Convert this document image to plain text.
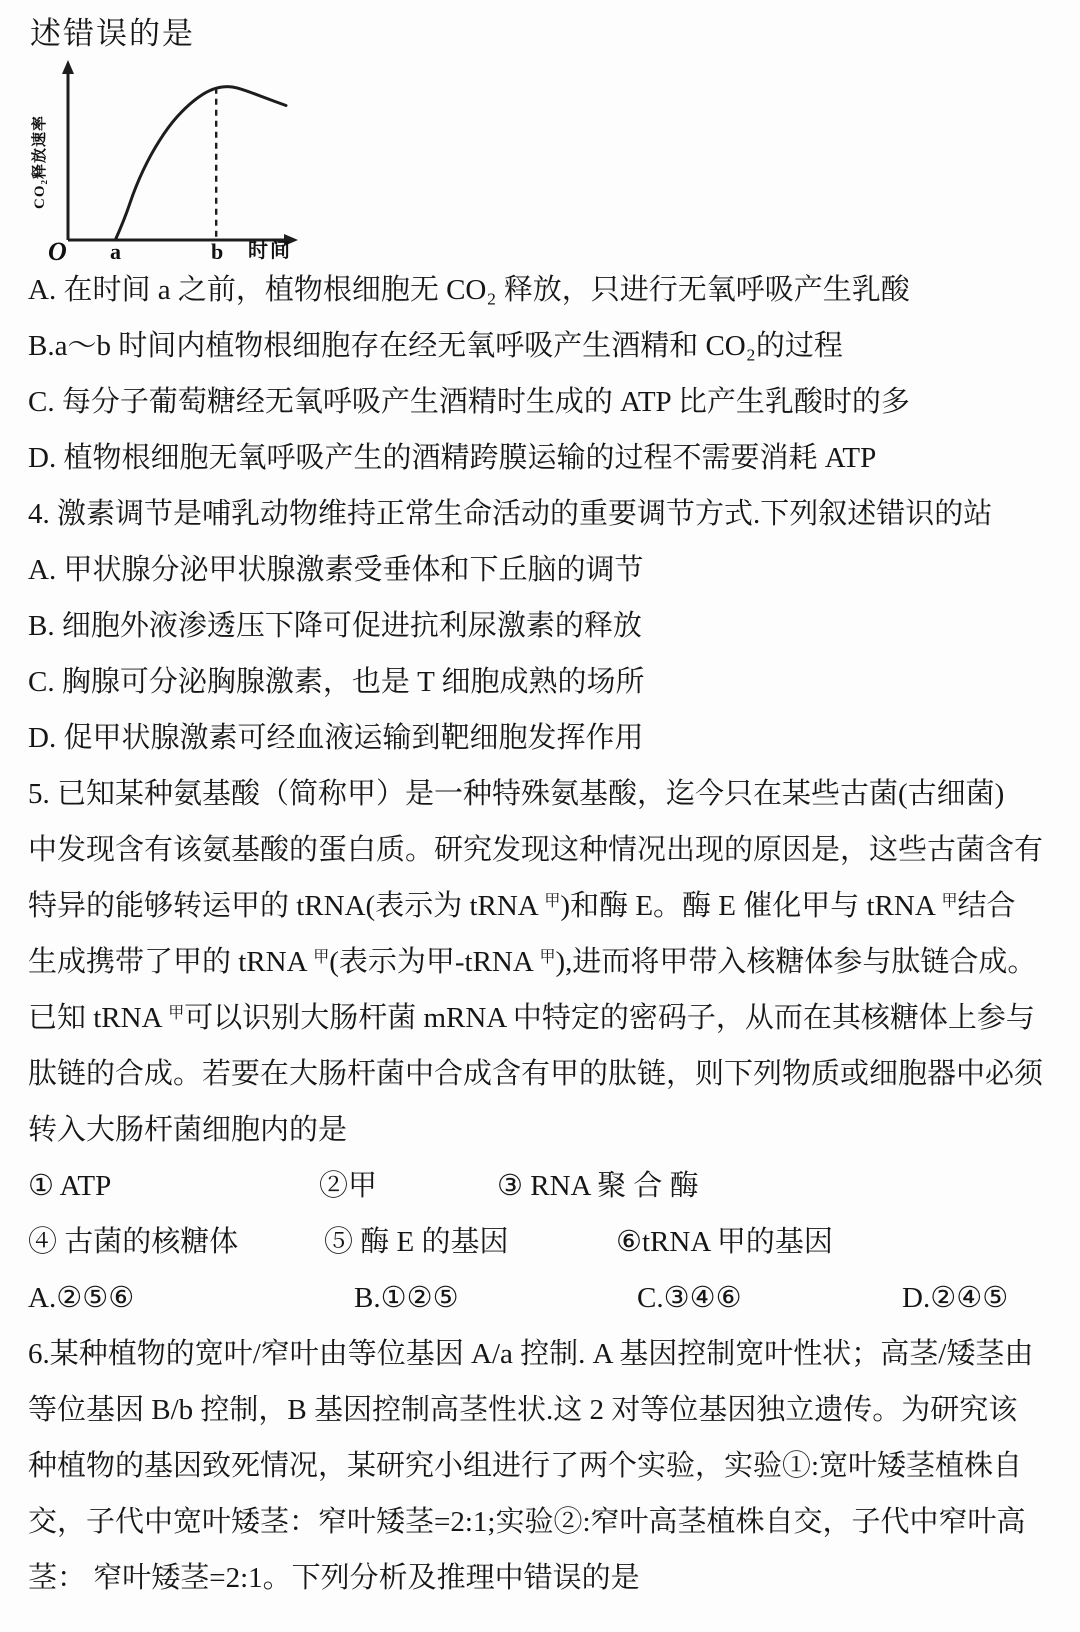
述错误的是
CO₂释放速率
O a	b 时间
A. 在时间 a 之前，植物根细胞无 CO₂ 释放，只进行无氧呼吸产生乳酸
B.a～b 时间内植物根细胞存在经无氧呼吸产生酒精和 CO₂的过程
C. 每分子葡萄糖经无氧呼吸产生酒精时生成的 ATP 比产生乳酸时的多
D. 植物根细胞无氧呼吸产生的酒精跨膜运输的过程不需要消耗 ATP
4. 激素调节是哺乳动物维持正常生命活动的重要调节方式.下列叙述错识的站
A. 甲状腺分泌甲状腺激素受垂体和下丘脑的调节
B. 细胞外液渗透压下降可促进抗利尿激素的释放
C. 胸腺可分泌胸腺激素，也是 T 细胞成熟的场所
D. 促甲状腺激素可经血液运输到靶细胞发挥作用
5. 已知某种氨基酸（简称甲）是一种特殊氨基酸，迄今只在某些古菌(古细菌)
中发现含有该氨基酸的蛋白质。研究发现这种情况出现的原因是，这些古菌含有
特异的能够转运甲的 tRNA(表示为 tRNA $^甲$)和酶 E。酶 E 催化甲与 tRNA $^甲$结合
生成携带了甲的 tRNA $^甲$(表示为甲-tRNA $^甲$),进而将甲带入核糖体参与肽链合成。
已知 tRNA $^甲$可以识别大肠杆菌 mRNA 中特定的密码子，从而在其核糖体上参与
肽链的合成。若要在大肠杆菌中合成含有甲的肽链，则下列物质或细胞器中必须
转入大肠杆菌细胞内的是
① ATP	②甲	③ RNA 聚 合 酶
④ 古菌的核糖体	⑤ 酶 E 的基因	⑥tRNA 甲的基因
A.②⑤⑥	B.①②⑤	C.③④⑥	D.②④⑤
6.某种植物的宽叶/窄叶由等位基因 A/a 控制. A 基因控制宽叶性状；高茎/矮茎由
等位基因 B/b 控制，B 基因控制高茎性状.这 2 对等位基因独立遗传。为研究该
种植物的基因致死情况，某研究小组进行了两个实验，实验①:宽叶矮茎植株自
交，子代中宽叶矮茎：窄叶矮茎=2:1;实验②:窄叶高茎植株自交，子代中窄叶高
茎： 窄叶矮茎=2:1。下列分析及推理中错误的是
